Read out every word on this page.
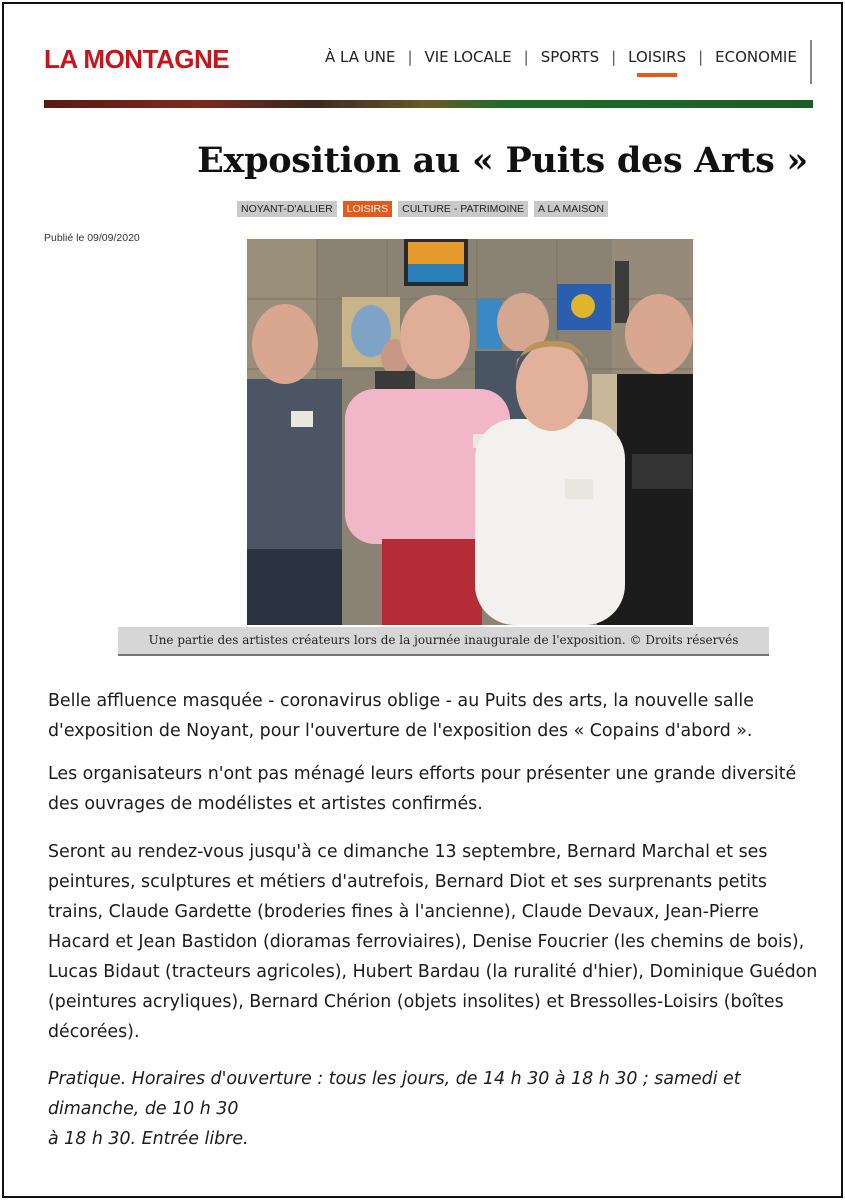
LA MONTAGNE	À LA UNE | VIE LOCALE | SPORTS | LOISIRS | ECONOMIE
Exposition au « Puits des Arts »
NOYANT-D'ALLIER	LOISIRS	CULTURE - PATRIMOINE	A LA MAISON
Publié le 09/09/2020
Une partie des artistes créateurs lors de la journée inaugurale de l'exposition. © Droits réservés

Belle affluence masquée - coronavirus oblige - au Puits des arts, la nouvelle salle d'exposition de Noyant, pour l'ouverture de l'exposition des « Copains d'abord ».

Les organisateurs n'ont pas ménagé leurs efforts pour présenter une grande diversité des ouvrages de modélistes et artistes confirmés.

Seront au rendez-vous jusqu'à ce dimanche 13 septembre, Bernard Marchal et ses peintures, sculptures et métiers d'autrefois, Bernard Diot et ses surprenants petits trains, Claude Gardette (broderies fines à l'ancienne), Claude Devaux, Jean-Pierre Hacard et Jean Bastidon (dioramas ferroviaires), Denise Foucrier (les chemins de bois), Lucas Bidaut (tracteurs agricoles), Hubert Bardau (la ruralité d'hier), Dominique Guédon (peintures acryliques), Bernard Chérion (objets insolites) et Bressolles-Loisirs (boîtes décorées).

Pratique. Horaires d'ouverture : tous les jours, de 14 h 30 à 18 h 30 ; samedi et dimanche, de 10 h 30
à 18 h 30. Entrée libre.
